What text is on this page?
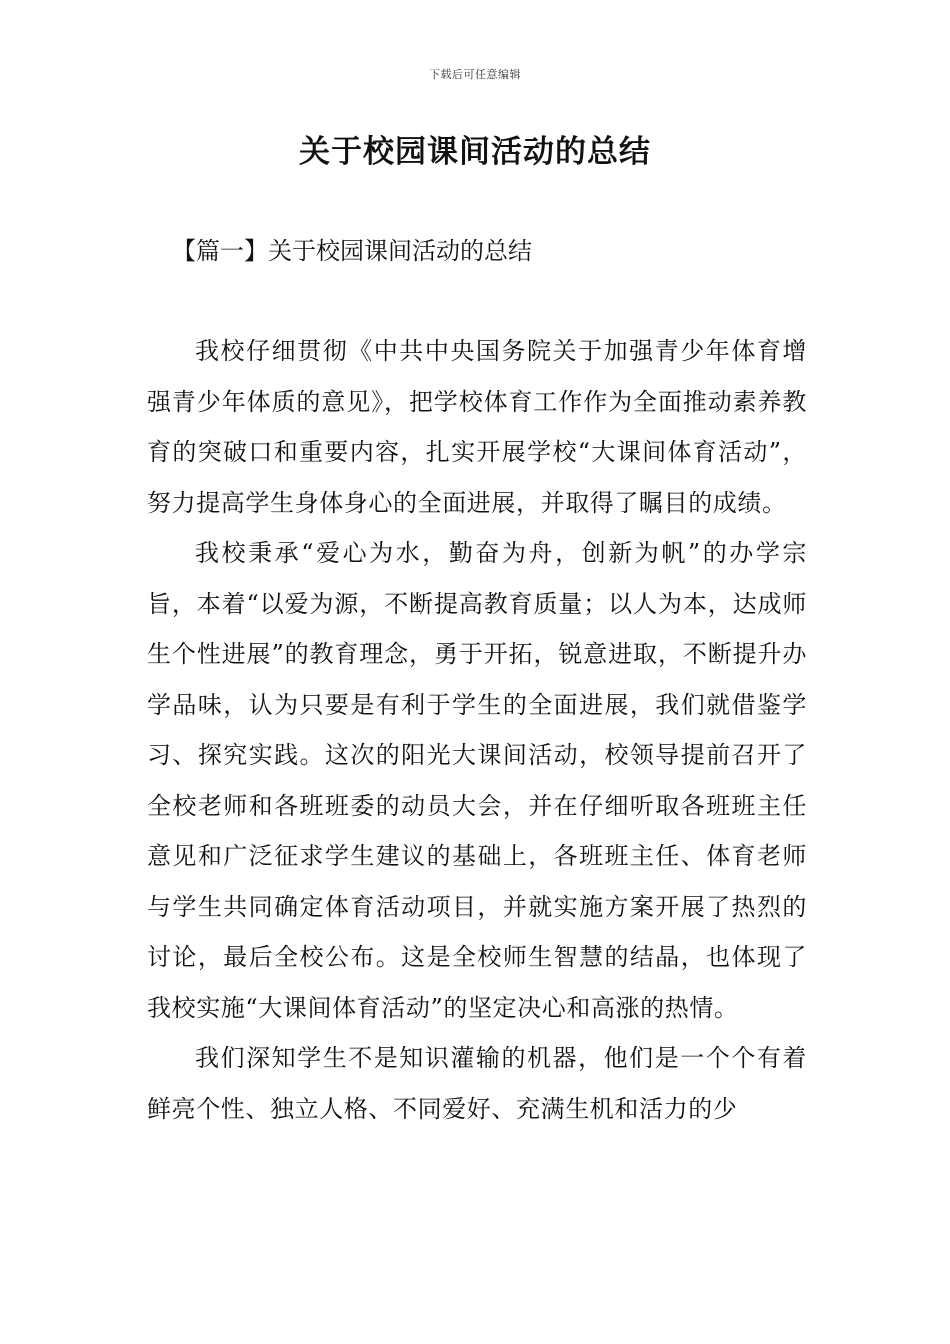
下载后可任意编辑
关于校园课间活动的总结
【篇一】关于校园课间活动的总结

我校仔细贯彻《中共中央国务院关于加强青少年体育增强青少年体质的意见》，把学校体育工作作为全面推动素养教育的突破口和重要内容，扎实开展学校“大课间体育活动”，努力提高学生身体身心的全面进展，并取得了瞩目的成绩。

我校秉承“爱心为水，勤奋为舟，创新为帆”的办学宗旨，本着“以爱为源，不断提高教育质量；以人为本，达成师生个性进展”的教育理念，勇于开拓，锐意进取，不断提升办学品味，认为只要是有利于学生的全面进展，我们就借鉴学习、探究实践。这次的阳光大课间活动，校领导提前召开了全校老师和各班班委的动员大会，并在仔细听取各班班主任意见和广泛征求学生建议的基础上，各班班主任、体育老师与学生共同确定体育活动项目，并就实施方案开展了热烈的讨论，最后全校公布。这是全校师生智慧的结晶，也体现了我校实施“大课间体育活动”的坚定决心和高涨的热情。

我们深知学生不是知识灌输的机器，他们是一个个有着鲜亮个性、独立人格、不同爱好、充满生机和活力的少
